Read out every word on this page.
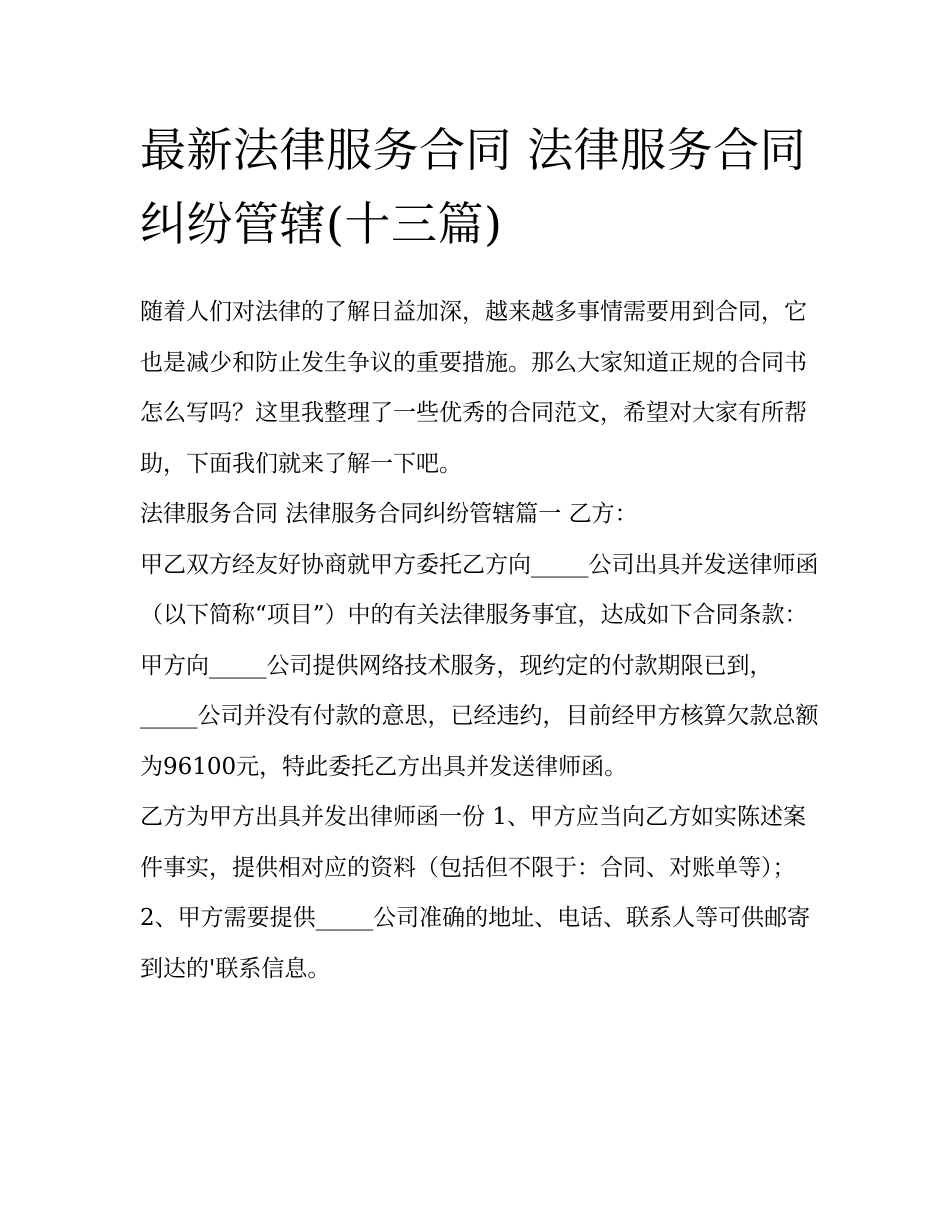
最新法律服务合同 法律服务合同纠纷管辖(十三篇)

随着人们对法律的了解日益加深，越来越多事情需要用到合同，它也是减少和防止发生争议的重要措施。那么大家知道正规的合同书怎么写吗？这里我整理了一些优秀的合同范文，希望对大家有所帮助，下面我们就来了解一下吧。

法律服务合同 法律服务合同纠纷管辖篇一 乙方：

甲乙双方经友好协商就甲方委托乙方向_____公司出具并发送律师函（以下简称“项目”）中的有关法律服务事宜，达成如下合同条款：

甲方向_____公司提供网络技术服务，现约定的付款期限已到，_____公司并没有付款的意思，已经违约，目前经甲方核算欠款总额为96100元，特此委托乙方出具并发送律师函。

乙方为甲方出具并发出律师函一份 1、甲方应当向乙方如实陈述案件事实，提供相对应的资料（包括但不限于：合同、对账单等）；

2、甲方需要提供_____公司准确的地址、电话、联系人等可供邮寄到达的'联系信息。
